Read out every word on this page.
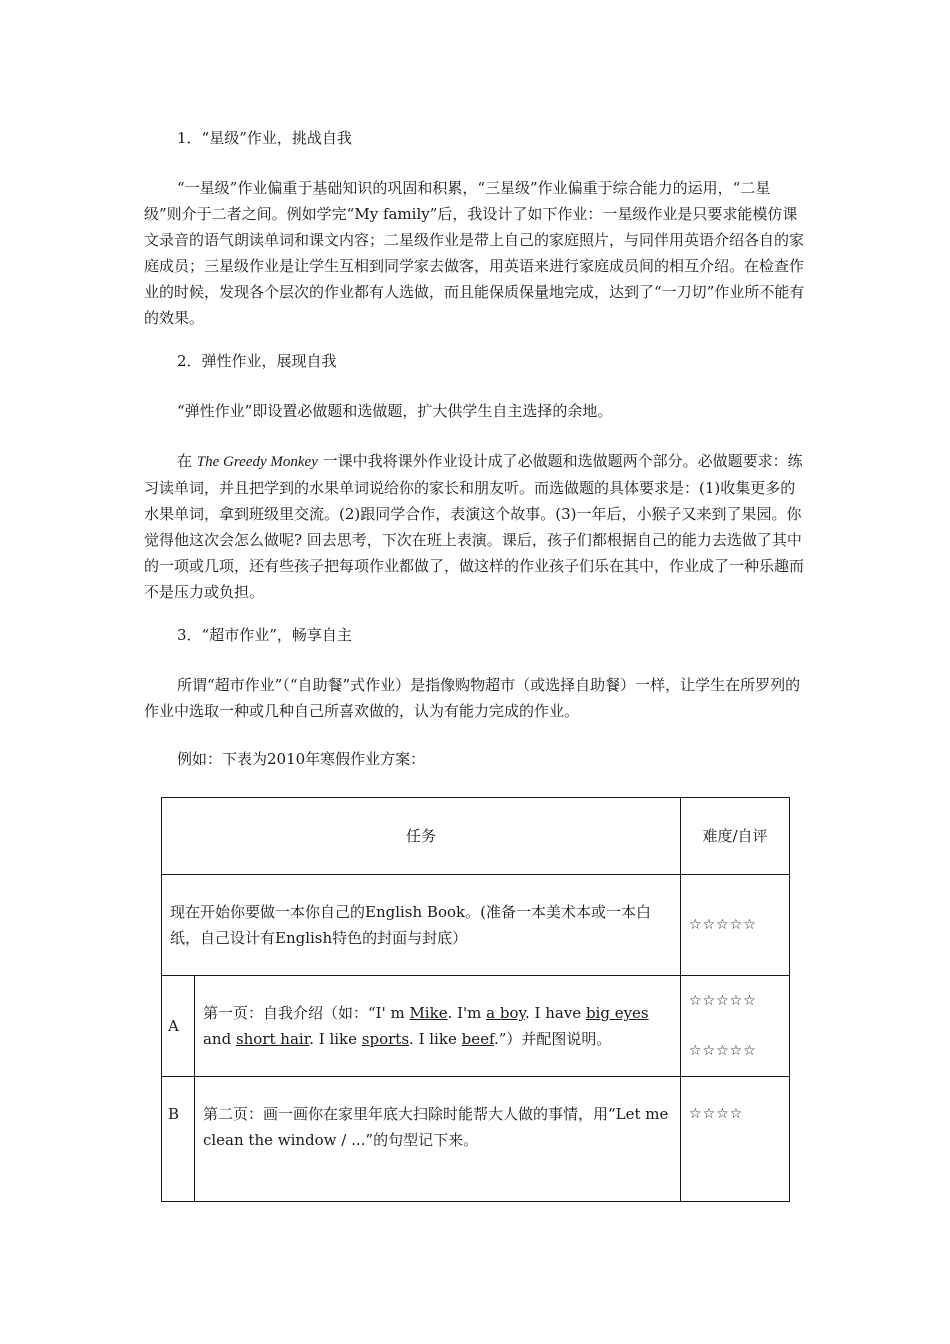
1．“星级”作业，挑战自我

“一星级”作业偏重于基础知识的巩固和积累，“三星级”作业偏重于综合能力的运用，“二星级”则介于二者之间。例如学完“My family”后，我设计了如下作业：一星级作业是只要求能模仿课文录音的语气朗读单词和课文内容；二星级作业是带上自己的家庭照片，与同伴用英语介绍各自的家庭成员；三星级作业是让学生互相到同学家去做客，用英语来进行家庭成员间的相互介绍。在检查作业的时候，发现各个层次的作业都有人选做，而且能保质保量地完成，达到了“一刀切”作业所不能有的效果。

2．弹性作业，展现自我

“弹性作业”即设置必做题和选做题，扩大供学生自主选择的余地。

在 The Greedy Monkey 一课中我将课外作业设计成了必做题和选做题两个部分。必做题要求：练习读单词，并且把学到的水果单词说给你的家长和朋友听。而选做题的具体要求是：(1)收集更多的水果单词，拿到班级里交流。(2)跟同学合作，表演这个故事。(3)一年后，小猴子又来到了果园。你觉得他这次会怎么做呢? 回去思考，下次在班上表演。课后，孩子们都根据自己的能力去选做了其中的一项或几项，还有些孩子把每项作业都做了，做这样的作业孩子们乐在其中，作业成了一种乐趣而不是压力或负担。

3．“超市作业”，畅享自主

所谓“超市作业”（“自助餐”式作业）是指像购物超市（或选择自助餐）一样，让学生在所罗列的作业中选取一种或几种自己所喜欢做的，认为有能力完成的作业。

例如：下表为2010年寒假作业方案：

任务		难度/自评
现在开始你要做一本你自己的English Book。(准备一本美术本或一本白纸，自己设计有English特色的封面与封底）		☆☆☆☆☆
A	第一页：自我介绍（如：“I' m Mike. I'm a boy. I have big eyes and short hair. I like sports. I like beef.”）并配图说明。	☆☆☆☆☆
☆☆☆☆☆

B	第二页：画一画你在家里年底大扫除时能帮大人做的事情，用“Let me clean the window / ...”的句型记下来。	☆☆☆☆
